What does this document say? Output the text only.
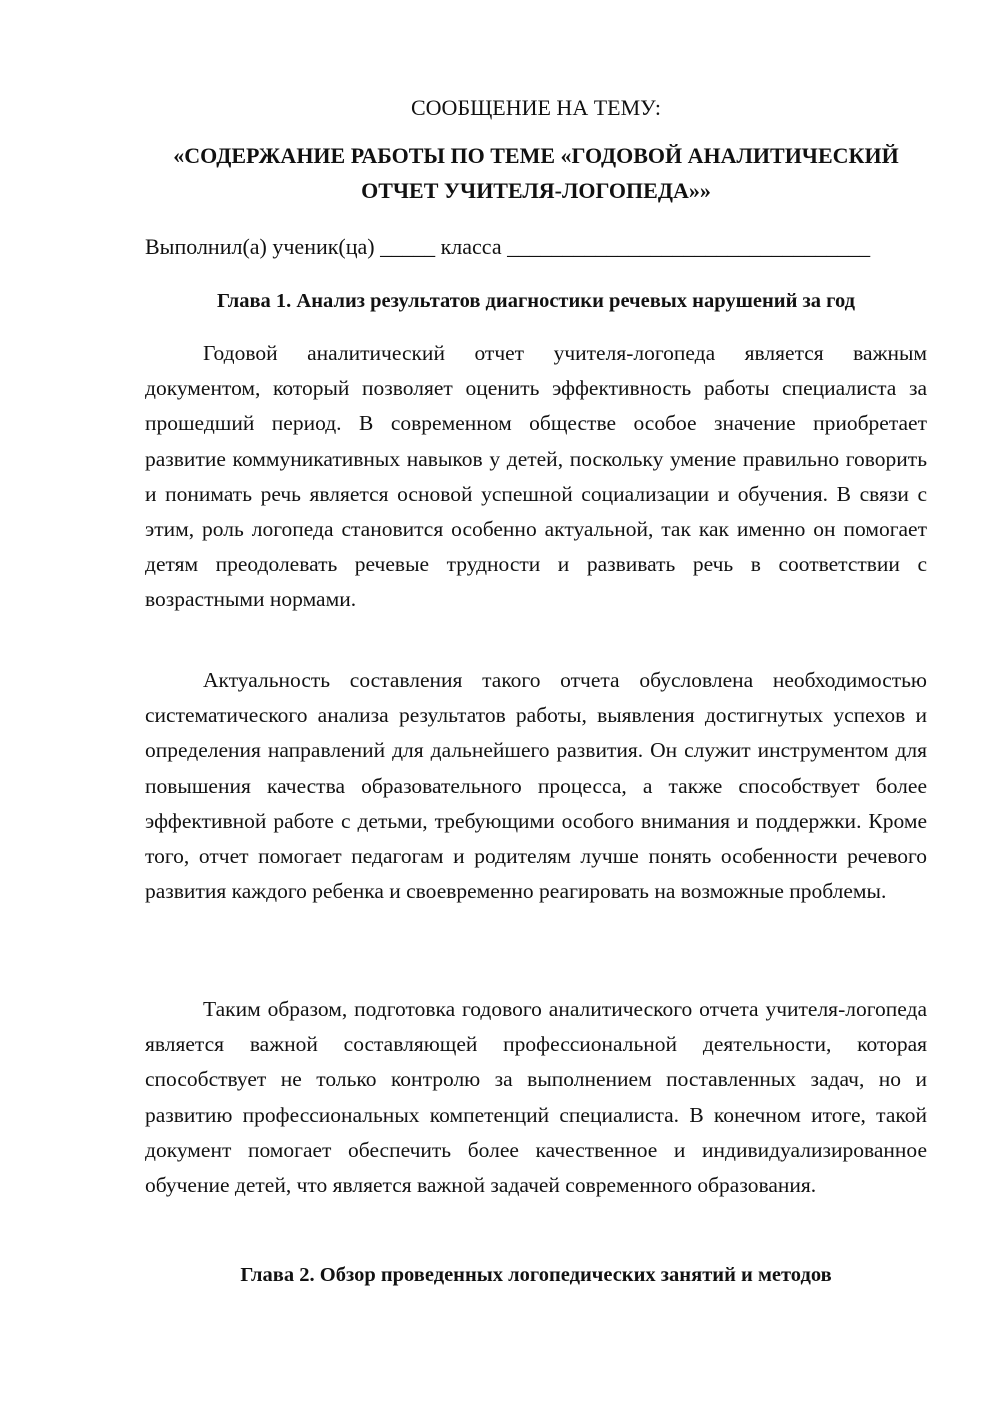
СООБЩЕНИЕ НА ТЕМУ:
«СОДЕРЖАНИЕ РАБОТЫ ПО ТЕМЕ «ГОДОВОЙ АНАЛИТИЧЕСКИЙ ОТЧЕТ УЧИТЕЛЯ-ЛОГОПЕДА»»
Выполнил(а) ученик(ца) _____ класса _________________________________
Глава 1. Анализ результатов диагностики речевых нарушений за год

Годовой аналитический отчет учителя-логопеда является важным документом, который позволяет оценить эффективность работы специалиста за прошедший период. В современном обществе особое значение приобретает развитие коммуникативных навыков у детей, поскольку умение правильно говорить и понимать речь является основой успешной социализации и обучения. В связи с этим, роль логопеда становится особенно актуальной, так как именно он помогает детям преодолевать речевые трудности и развивать речь в соответствии с возрастными нормами.

Актуальность составления такого отчета обусловлена необходимостью систематического анализа результатов работы, выявления достигнутых успехов и определения направлений для дальнейшего развития. Он служит инструментом для повышения качества образовательного процесса, а также способствует более эффективной работе с детьми, требующими особого внимания и поддержки. Кроме того, отчет помогает педагогам и родителям лучше понять особенности речевого развития каждого ребенка и своевременно реагировать на возможные проблемы.

Таким образом, подготовка годового аналитического отчета учителя-логопеда является важной составляющей профессиональной деятельности, которая способствует не только контролю за выполнением поставленных задач, но и развитию профессиональных компетенций специалиста. В конечном итоге, такой документ помогает обеспечить более качественное и индивидуализированное обучение детей, что является важной задачей современного образования.

Глава 2. Обзор проведенных логопедических занятий и методов
